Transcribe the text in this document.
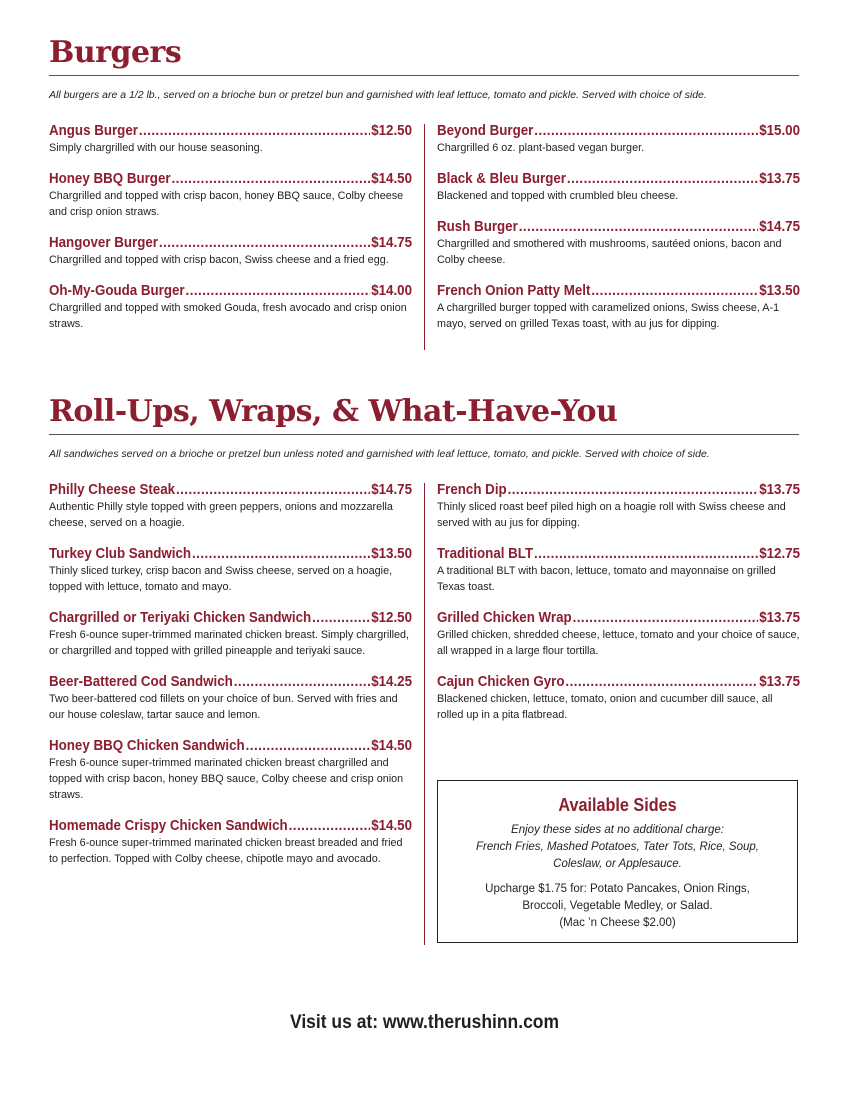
Burgers

All burgers are a 1/2 lb., served on a brioche bun or pretzel bun and garnished with leaf lettuce, tomato and pickle. Served with choice of side.

Angus Burger .....	$12.50

Simply chargrilled with our house seasoning.

Honey BBQ Burger .....	$14.50

Chargrilled and topped with crisp bacon, honey BBQ sauce, Colby cheese and crisp onion straws.

Hangover Burger .....	$14.75

Chargrilled and topped with crisp bacon, Swiss cheese and a fried egg.

Oh-My-Gouda Burger .....	$14.00

Chargrilled and topped with smoked Gouda, fresh avocado and crisp onion straws.

Beyond Burger .....	$15.00

Chargrilled 6 oz. plant-based vegan burger.

Black & Bleu Burger .....	$13.75

Blackened and topped with crumbled bleu cheese.

Rush Burger .....	$14.75

Chargrilled and smothered with mushrooms, sautéed onions, bacon and Colby cheese.

French Onion Patty Melt .....	$13.50

A chargrilled burger topped with caramelized onions, Swiss cheese, A-1 mayo, served on grilled Texas toast, with au jus for dipping.

Roll-Ups, Wraps, & What-Have-You

All sandwiches served on a brioche or pretzel bun unless noted and garnished with leaf lettuce, tomato, and pickle. Served with choice of side.

Philly Cheese Steak .....	$14.75

Authentic Philly style topped with green peppers, onions and mozzarella cheese, served on a hoagie.

Turkey Club Sandwich .....	$13.50

Thinly sliced turkey, crisp bacon and Swiss cheese, served on a hoagie, topped with lettuce, tomato and mayo.

Chargrilled or Teriyaki Chicken Sandwich .....	$12.50

Fresh 6-ounce super-trimmed marinated chicken breast. Simply chargrilled, or chargrilled and topped with grilled pineapple and teriyaki sauce.

Beer-Battered Cod Sandwich .....	$14.25

Two beer-battered cod fillets on your choice of bun. Served with fries and our house coleslaw, tartar sauce and lemon.

Honey BBQ Chicken Sandwich .....	$14.50

Fresh 6-ounce super-trimmed marinated chicken breast chargrilled and topped with crisp bacon, honey BBQ sauce, Colby cheese and crisp onion straws.

Homemade Crispy Chicken Sandwich .....	$14.50

Fresh 6-ounce super-trimmed marinated chicken breast breaded and fried to perfection. Topped with Colby cheese, chipotle mayo and avocado.

French Dip .....	$13.75

Thinly sliced roast beef piled high on a hoagie roll with Swiss cheese and served with au jus for dipping.

Traditional BLT .....	$12.75

A traditional BLT with bacon, lettuce, tomato and mayonnaise on grilled Texas toast.

Grilled Chicken Wrap .....	$13.75

Grilled chicken, shredded cheese, lettuce, tomato and your choice of sauce, all wrapped in a large flour tortilla.

Cajun Chicken Gyro .....	$13.75

Blackened chicken, lettuce, tomato, onion and cucumber dill sauce, all rolled up in a pita flatbread.

Available Sides
Enjoy these sides at no additional charge:
French Fries, Mashed Potatoes, Tater Tots, Rice, Soup,
Coleslaw, or Applesauce.
Upcharge $1.75 for: Potato Pancakes, Onion Rings,
Broccoli, Vegetable Medley, or Salad.
(Mac ’n Cheese $2.00)
Visit us at: www.therushinn.com
